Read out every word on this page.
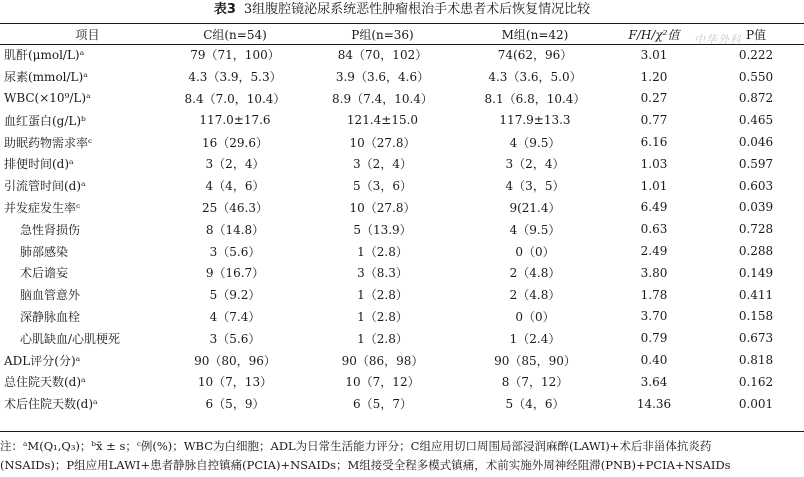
表3 3组腹腔镜泌尿系统恶性肿瘤根治手术患者术后恢复情况比较
中华外科
项目	C组(n=54)	P组(n=36)	M组(n=42)	F/H/χ²值	P值
肌酐(μmol/L)ᵃ	79（71，100）	84（70，102）	74(62，96）	3.01	0.222
尿素(mmol/L)ᵃ	4.3（3.9，5.3）	3.9（3.6，4.6）	4.3（3.6，5.0）	1.20	0.550
WBC(×10⁹/L)ᵃ	8.4（7.0，10.4）	8.9（7.4，10.4）	8.1（6.8，10.4）	0.27	0.872
血红蛋白(g/L)ᵇ	117.0±17.6	121.4±15.0	117.9±13.3	0.77	0.465
助眠药物需求率ᶜ	16（29.6）	10（27.8）	4（9.5）	6.16	0.046
排便时间(d)ᵃ	3（2，4）	3（2，4）	3（2，4）	1.03	0.597
引流管时间(d)ᵃ	4（4，6）	5（3，6）	4（3，5）	1.01	0.603
并发症发生率ᶜ	25（46.3）	10（27.8）	9(21.4）	6.49	0.039
急性肾损伤	8（14.8）	5（13.9）	4（9.5）	0.63	0.728
肺部感染	3（5.6）	1（2.8）	0（0）	2.49	0.288
术后谵妄	9（16.7）	3（8.3）	2（4.8）	3.80	0.149
脑血管意外	5（9.2）	1（2.8）	2（4.8）	1.78	0.411
深静脉血栓	4（7.4）	1（2.8）	0（0）	3.70	0.158
心肌缺血/心肌梗死	3（5.6）	1（2.8）	1（2.4）	0.79	0.673
ADL评分(分)ᵃ	90（80，96）	90（86，98）	90（85，90）	0.40	0.818
总住院天数(d)ᵃ	10（7，13）	10（7，12）	8（7，12）	3.64	0.162
术后住院天数(d)ᵃ	6（5，9）	6（5，7）	5（4，6）	14.36	0.001
注：ᵃM(Q₁,Q₃)；ᵇx̄ ± s；ᶜ例(%)；WBC为白细胞；ADL为日常生活能力评分；C组应用切口周围局部浸润麻醉(LAWI)+术后非甾体抗炎药
(NSAIDs)；P组应用LAWI+患者静脉自控镇痛(PCIA)+NSAIDs；M组接受全程多模式镇痛，术前实施外周神经阻滞(PNB)+PCIA+NSAIDs
